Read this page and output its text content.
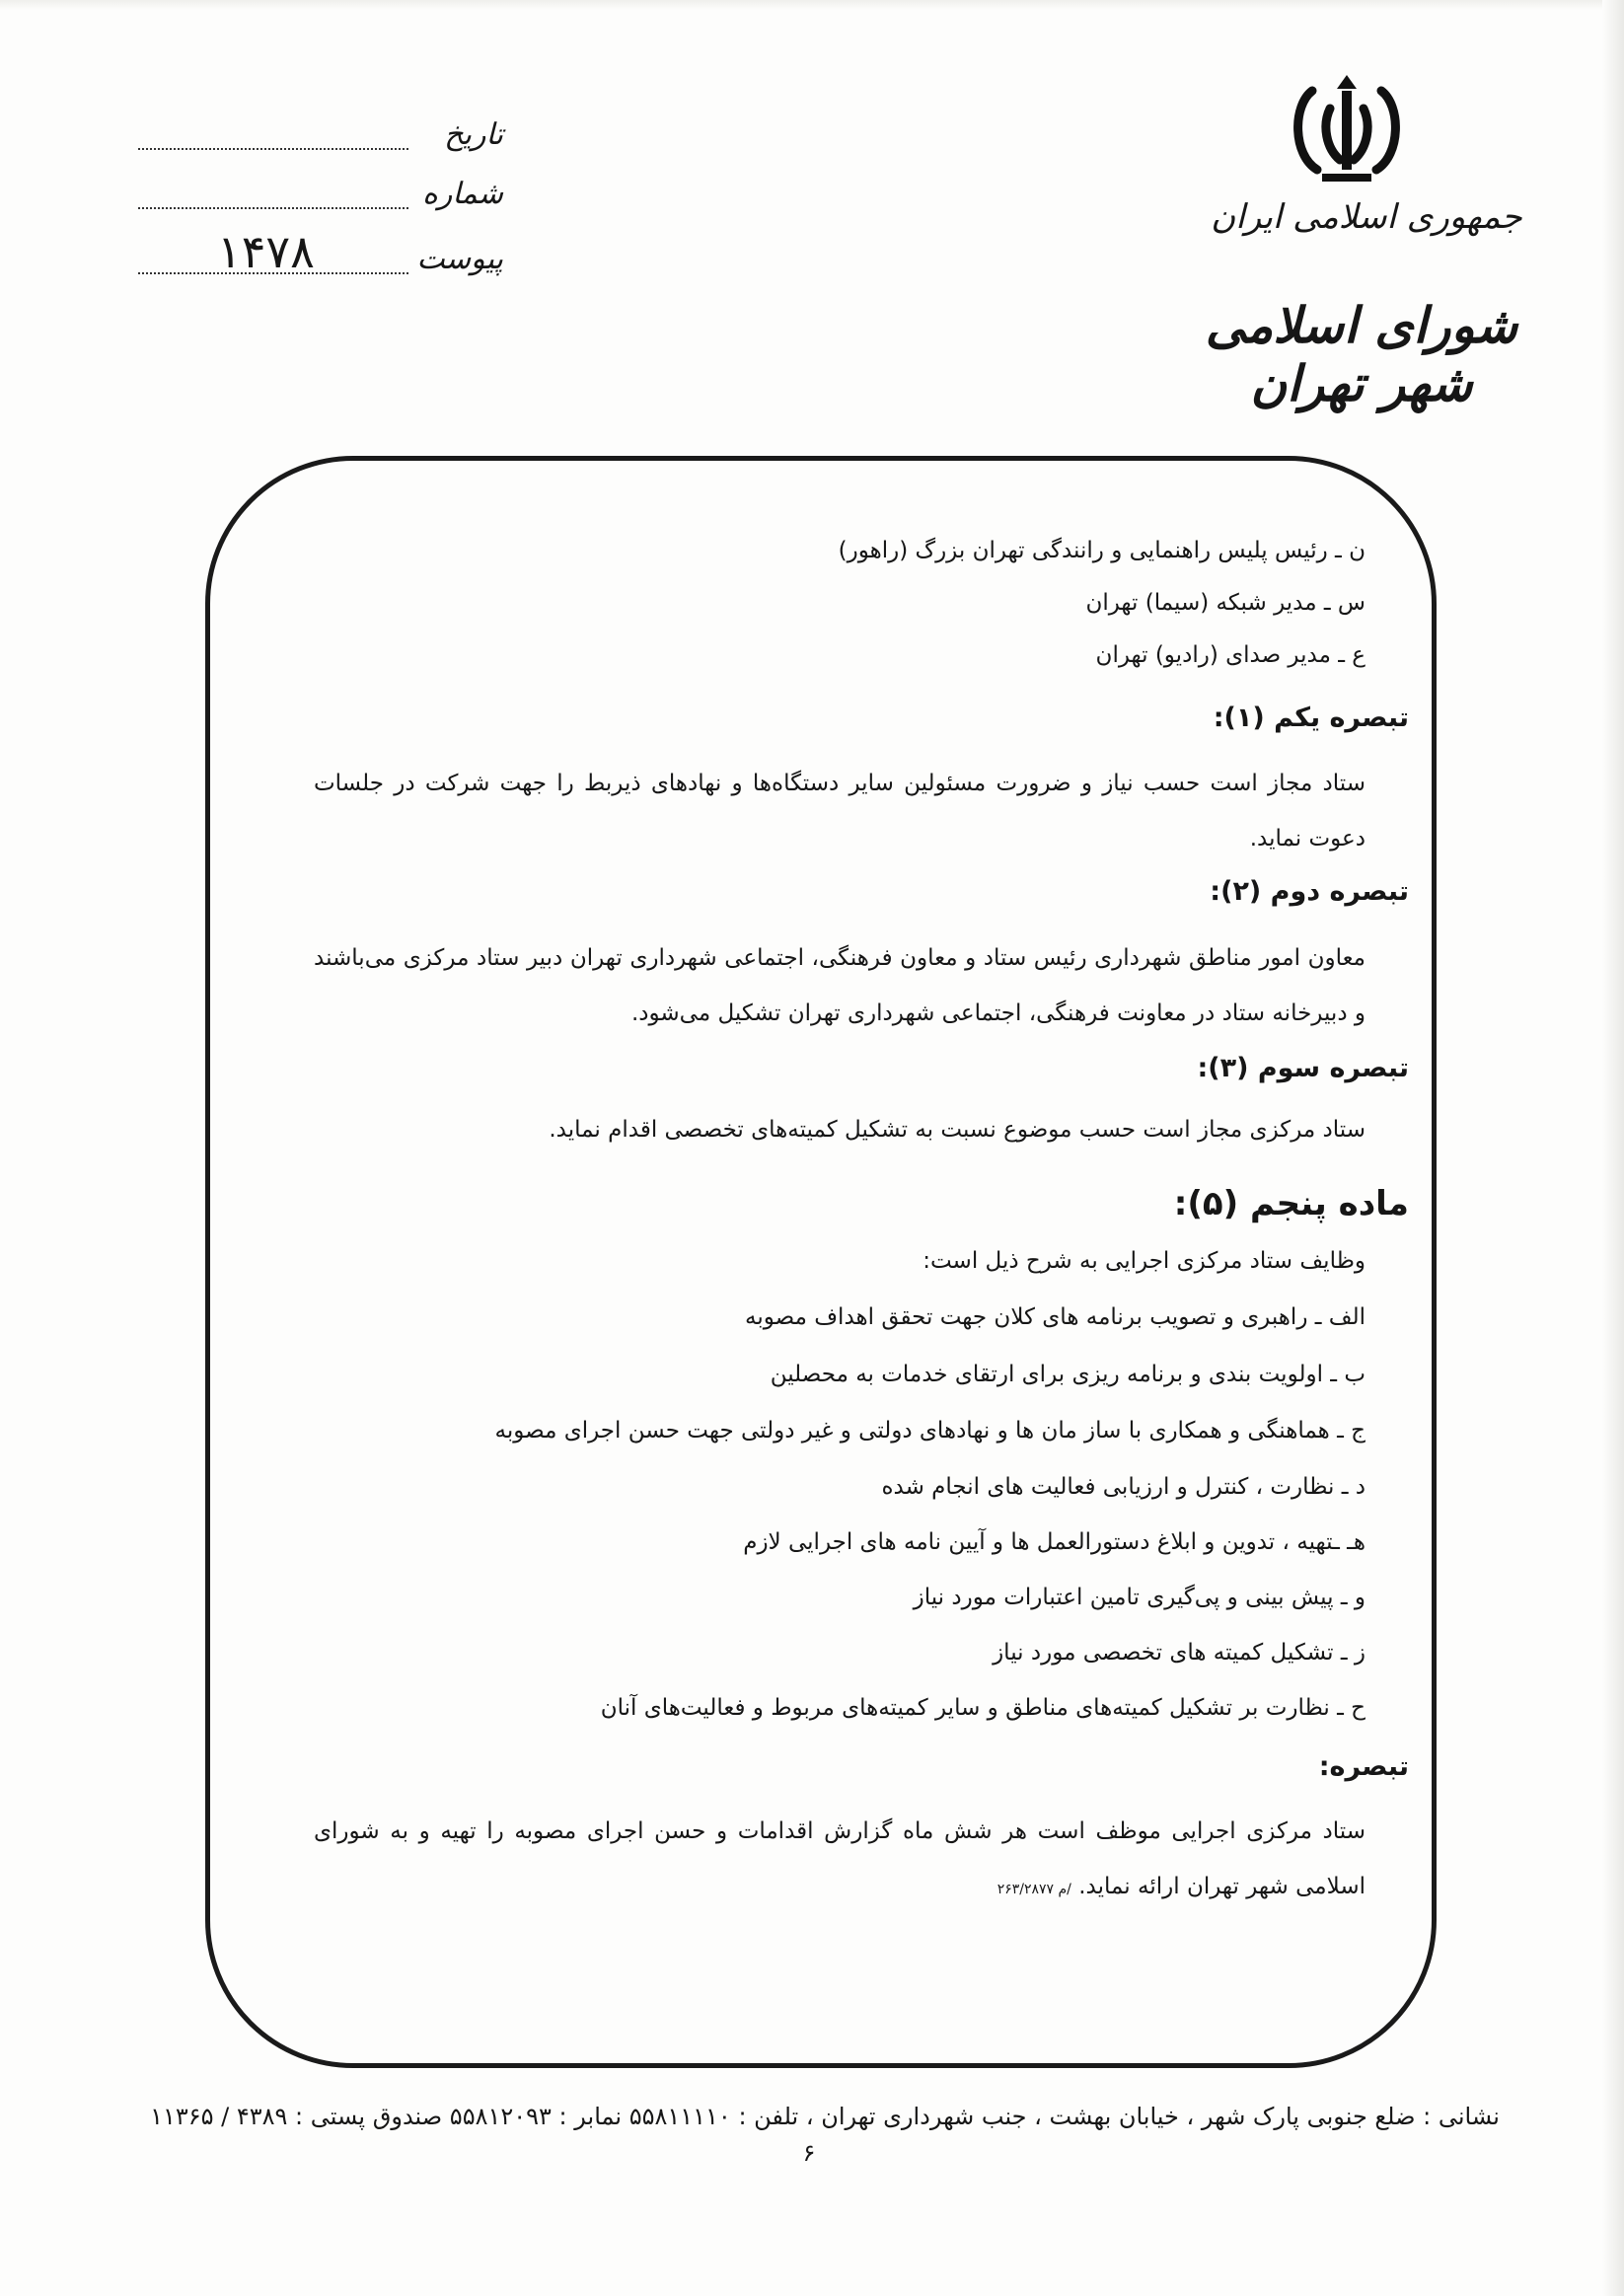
جمهوری اسلامی ایران
شورای اسلامی شهر تهران
تاریخ
شماره
پیوست
۱۴۷۸
ن ـ رئیس پلیس راهنمایی و رانندگی تهران بزرگ (راهور)
س ـ مدیر شبکه (سیما) تهران
ع ـ مدیر صدای (رادیو) تهران
تبصره یکم (۱):
ستاد مجاز است حسب نیاز و ضرورت مسئولین سایر دستگاه‌ها و نهادهای ذیربط را جهت شرکت در جلسات دعوت نماید.
تبصره دوم (۲):
معاون امور مناطق شهرداری رئیس ستاد و معاون فرهنگی، اجتماعی شهرداری تهران دبیر ستاد مرکزی می‌باشند و دبیرخانه ستاد در معاونت فرهنگی، اجتماعی شهرداری تهران تشکیل می‌شود.
تبصره سوم (۳):
ستاد مرکزی مجاز است حسب موضوع نسبت به تشکیل کمیته‌های تخصصی اقدام نماید.
ماده پنجم (۵):
وظایف ستاد مرکزی اجرایی به شرح ذیل است:
الف ـ راهبری و تصویب برنامه های کلان جهت تحقق اهداف مصوبه
ب ـ اولویت بندی و برنامه ریزی برای ارتقای خدمات به محصلین
ج ـ هماهنگی و همکاری با ساز مان ها و نهادهای دولتی و غیر دولتی جهت حسن اجرای مصوبه
د ـ نظارت ، کنترل و ارزیابی فعالیت های انجام شده
هـ ـتهیه ، تدوین و ابلاغ دستورالعمل ها و آیین نامه های اجرایی لازم
و ـ پیش بینی و پی‌گیری تامین اعتبارات مورد نیاز
ز ـ تشکیل کمیته های تخصصی مورد نیاز
ح ـ نظارت بر تشکیل کمیته‌های مناطق و سایر کمیته‌های مربوط و فعالیت‌های آنان
تبصره:
ستاد مرکزی اجرایی موظف است هر شش ماه گزارش اقدامات و حسن اجرای مصوبه را تهیه و به شورای اسلامی شهر تهران ارائه نماید. /م ۲۶۳/۲۸۷۷
نشانی : ضلع جنوبی پارک شهر ، خیابان بهشت ، جنب شهرداری تهران ، تلفن : ۵۵۸۱۱۱۱۰ نمابر : ۵۵۸۱۲۰۹۳ صندوق پستی : ۴۳۸۹ / ۱۱۳۶۵
۶
